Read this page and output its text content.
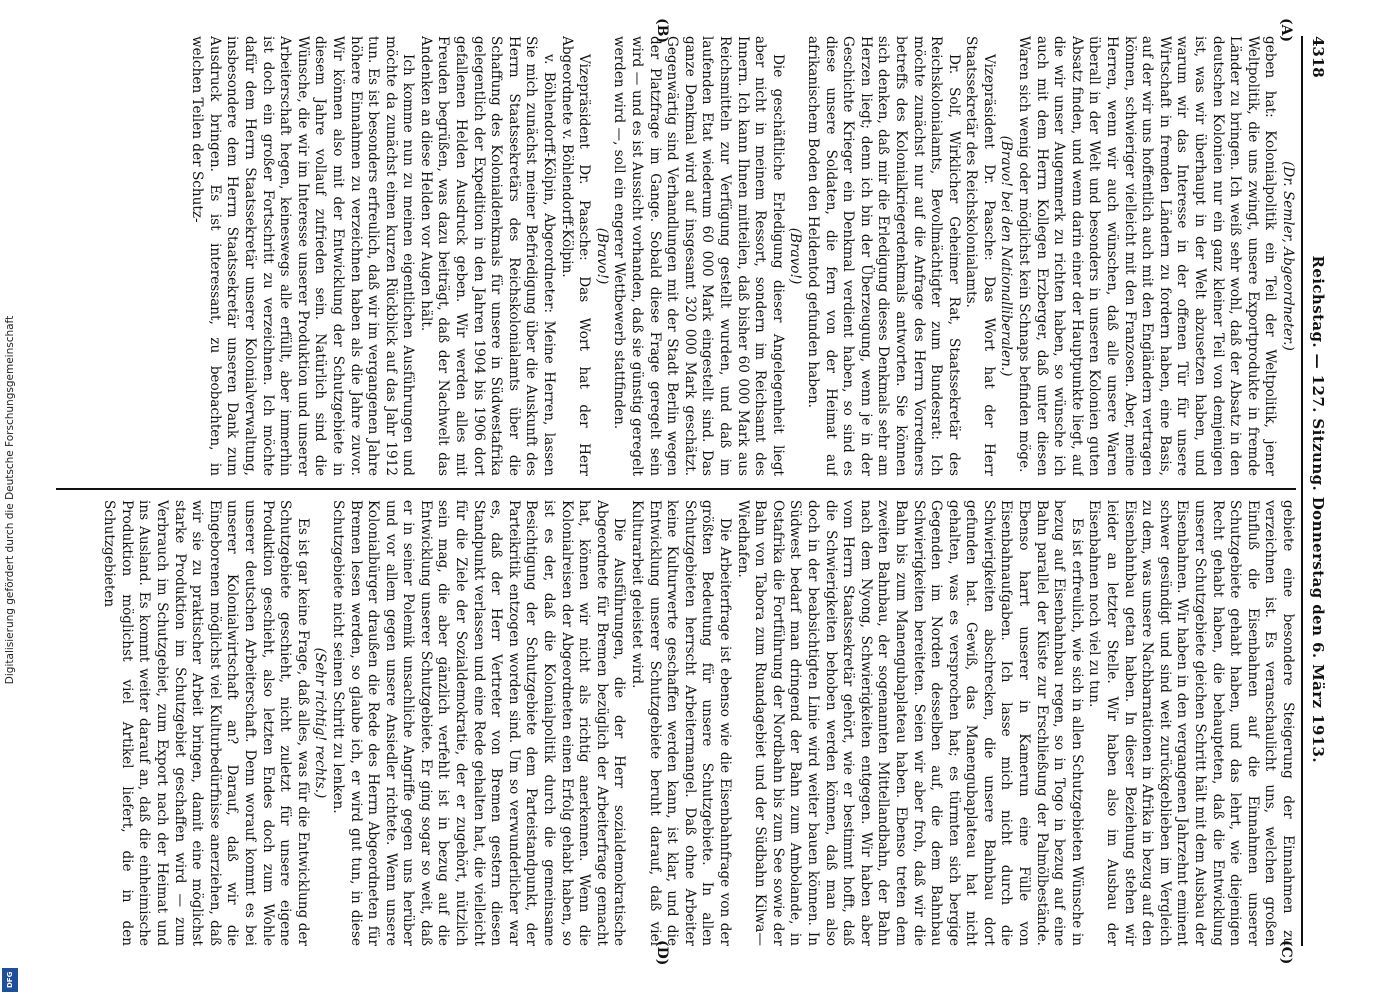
Digitalisierung gefördert durch die Deutsche Forschungsgemeinschaft
DFG
4318
Reichstag. — 127. Sitzung. Donnerstag den 6. März 1913.

(A)
(B)
(C)
(D)

(Dr. Semler, Abgeordneter.)

geben hat: Kolonialpolitik ein Teil der Weltpolitik, jener Weltpolitik, die uns zwingt, unsere Exportprodukte in fremde Länder zu bringen. Ich weiß sehr wohl, daß der Absatz in den deutschen Kolonien nur ein ganz kleiner Teil von demjenigen ist, was wir überhaupt in der Welt abzusetzen haben, und warum wir das Interesse in der offenen Tür für unsere Wirtschaft in fremden Ländern zu fordern haben, eine Basis, auf der wir uns hoffentlich auch mit den Engländern vertragen können, schwieriger vielleicht mit den Franzosen. Aber, meine Herren, wenn wir auch wünschen, daß alle unsere Waren überall in der Welt und besonders in unseren Kolonien guten Absatz finden, und wenn darin einer der Hauptpunkte liegt, auf die wir unser Augenmerk zu richten haben, so wünsche ich auch mit dem Herrn Kollegen Erzberger, daß unter diesen Waren sich wenig oder möglichst kein Schnaps befinden möge.

(Bravo! bei den Nationalliberalen.)

Vizepräsident Dr. Paasche: Das Wort hat der Herr Staatssekretär des Reichskolonialamts.

Dr. Solf, Wirklicher Geheimer Rat, Staatssekretär des Reichskolonialamts, Bevollmächtigter zum Bundesrat: Ich möchte zunächst nur auf die Anfrage des Herrn Vorredners betreffs des Kolonialkriegerdenkmals antworten. Sie können sich denken, daß mir die Erledigung dieses Denkmals sehr am Herzen liegt; denn ich bin der Überzeugung, wenn je in der Geschichte Krieger ein Denkmal verdient haben, so sind es diese unsere Soldaten, die fern von der Heimat auf afrikanischem Boden den Heldentod gefunden haben.

(Bravo!)

Die geschäftliche Erledigung dieser Angelegenheit liegt aber nicht in meinem Ressort, sondern im Reichsamt des Innern. Ich kann Ihnen mitteilen, daß bisher 60 000 Mark aus Reichsmitteln zur Verfügung gestellt wurden, und daß im laufenden Etat wiederum 60 000 Mark eingestellt sind. Das ganze Denkmal wird auf insgesamt 320 000 Mark geschätzt. Gegenwärtig sind Verhandlungen mit der Stadt Berlin wegen der Platzfrage im Gange. Sobald diese Frage geregelt sein wird — und es ist Aussicht vorhanden, daß sie günstig geregelt werden wird —, soll ein engerer Wettbewerb stattfinden.

(Bravo!)

Vizepräsident Dr. Paasche: Das Wort hat der Herr Abgeordnete v. Böhlendorff-Kölpin.

v. Böhlendorff-Kölpin, Abgeordneter: Meine Herren, lassen Sie mich zunächst meiner Befriedigung über die Auskunft des Herrn Staatssekretärs des Reichskolonialamts über die Schaffung des Kolonialdenkmals für unsere in Südwestafrika gelegentlich der Expedition in den Jahren 1904 bis 1906 dort gefallenen Helden Ausdruck geben. Wir werden alles mit Freuden begrüßen, was dazu beiträgt, daß der Nachwelt das Andenken an diese Helden vor Augen hält.

Ich komme nun zu meinen eigentlichen Ausführungen und möchte da zunächst einen kurzen Rückblick auf das Jahr 1912 tun. Es ist besonders erfreulich, daß wir im vergangenen Jahre höhere Einnahmen zu verzeichnen haben als die Jahre zuvor. Wir können also mit der Entwicklung der Schutzgebiete in diesem Jahre vollauf zufrieden sein. Natürlich sind die Wünsche, die wir im Interesse unserer Produktion und unserer Arbeiterschaft hegen, keineswegs alle erfüllt, aber immerhin ist doch ein großer Fortschritt zu verzeichnen. Ich möchte dafür dem Herrn Staatssekretär unserer Kolonialverwaltung, insbesondere dem Herrn Staatssekretär unseren Dank zum Ausdruck bringen. Es ist interessant, zu beobachten, in welchen Teilen der Schutz-

gebiete eine besondere Steigerung der Einnahmen zu verzeichnen ist. Es veranschaulicht uns, welchen großen Einfluß die Eisenbahnen auf die Einnahmen unserer Schutzgebiete gehabt haben, und das lehrt, wie diejenigen Recht gehabt haben, die behaupteten, daß die Entwicklung unserer Schutzgebiete gleichen Schritt hält mit dem Ausbau der Eisenbahnen. Wir haben in den vergangenen Jahrzehnt eminent schwer gesündigt und sind weit zurückgeblieben im Vergleich zu dem, was unsere Nachbarnationen in Afrika in bezug auf den Eisenbahnbau getan haben. In dieser Beziehung stehen wir leider an letzter Stelle. Wir haben also im Ausbau der Eisenbahnen noch viel zu tun.

Es ist erfreulich, wie sich in allen Schutzgebieten Wünsche in bezug auf Eisenbahnbau regen, so in Togo in bezug auf eine Bahn parallel der Küste zur Erschließung der Palmölbestände. Ebenso harrt unserer in Kamerun eine Fülle von Eisenbahnaufgaben. Ich lasse mich nicht durch die Schwierigkeiten abschrecken, die unsere Bahnbau dort gefunden hat. Gewiß, das Manengubaplateau hat nicht gehalten, was es versprochen hat; es türmten sich bergige Gegenden im Norden desselben auf, die dem Bahnbau Schwierigkeiten bereiteten. Seien wir aber froh, daß wir die Bahn bis zum Manengubaplateau haben. Ebenso treten dem zweiten Bahnbau, der sogenannten Mittellandbahn, der Bahn nach dem Nyong, Schwierigkeiten entgegen. Wir haben aber vom Herrn Staatssekretär gehört, wie er bestimmt hofft, daß die Schwierigkeiten behoben werden können, daß man also doch in der beabsichtigten Linie wird weiter bauen können. In Südwest bedarf man dringend der Bahn zum Ambolande, in Ostafrika die Fortführung der Nordbahn bis zum See sowie der Bahn von Tabora zum Ruandagebiet und der Südbahn Kilwa—Wiedhafen.

Die Arbeiterfrage ist ebenso wie die Eisenbahnfrage von der größten Bedeutung für unsere Schutzgebiete. In allen Schutzgebieten herrscht Arbeitermangel. Daß ohne Arbeiter keine Kulturwerte geschaffen werden kann, ist klar, und die Entwicklung unserer Schutzgebiete beruht darauf, daß viel Kulturarbeit geleistet wird.

Die Ausführungen, die der Herr sozialdemokratische Abgeordnete für Bremen bezüglich der Arbeiterfrage gemacht hat, können wir nicht als richtig anerkennen. Wenn die Kolonialreisen der Abgeordneten einen Erfolg gehabt haben, so ist es der, daß die Kolonialpolitik durch die gemeinsame Besichtigung der Schutzgebiete dem Parteistandpunkt, der Parteikritik entzogen worden sind. Um so verwunderlicher war es, daß der Herr Vertreter von Bremen gestern diesen Standpunkt verlassen und eine Rede gehalten hat, die vielleicht für die Ziele der Sozialdemokratie, der er zugehört, nützlich sein mag, die aber gänzlich verfehlt ist in bezug auf die Entwicklung unserer Schutzgebiete. Er ging sogar so weit, daß er in seiner Polemik unsachliche Angriffe gegen uns herüber und vor allem gegen unsere Ansiedler richtete. Wenn unsere Kolonialbürger draußen die Rede des Herrn Abgeordneten für Bremen lesen werden, so glaube ich, er wird gut tun, in diese Schutzgebiete nicht seinen Schritt zu lenken.

(Sehr richtig! rechts.)

Es ist gar keine Frage, daß alles, was für die Entwicklung der Schutzgebiete geschieht, nicht zuletzt für unsere eigene Produktion geschieht, also letzten Endes doch zum Wohle unserer deutschen Arbeiterschaft. Denn worauf kommt es bei unserer Kolonialwirtschaft an? Darauf, daß wir die Eingeborenen möglichst viel Kulturbedürfnisse anerziehen, daß wir sie zu praktischer Arbeit bringen, damit eine möglichst starke Produktion im Schutzgebiet geschaffen wird — zum Verbrauch im Schutzgebiet, zum Export nach der Heimat und ins Ausland. Es kommt weiter darauf an, daß die einheimische Produktion möglichst viel Artikel liefert, die in den Schutzgebieten
